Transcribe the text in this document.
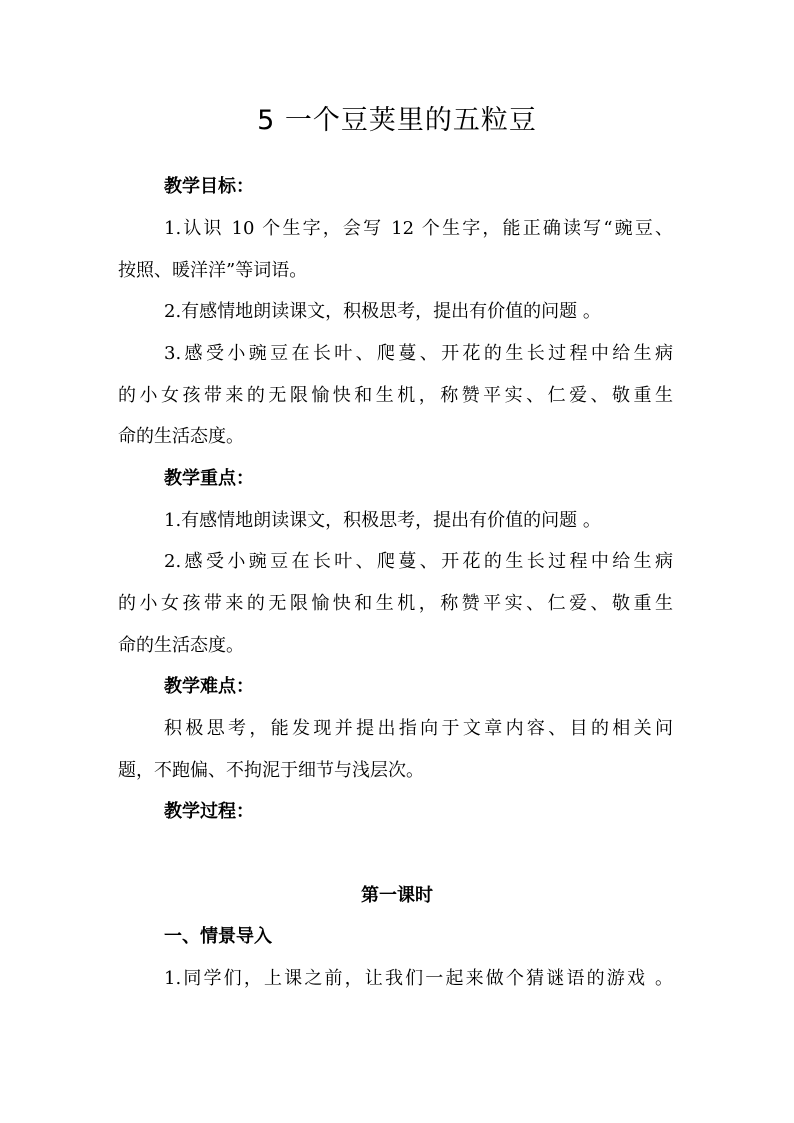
5 一个豆荚里的五粒豆
教学目标：
1.认识 10 个生字，会写 12 个生字，能正确读写“豌豆、
按照、暖洋洋”等词语。
2.有感情地朗读课文，积极思考，提出有价值的问题 。
3.感受小豌豆在长叶、爬蔓、开花的生长过程中给生病
的小女孩带来的无限愉快和生机，称赞平实、仁爱、敬重生
命的生活态度。
教学重点：
1.有感情地朗读课文，积极思考，提出有价值的问题 。
2.感受小豌豆在长叶、爬蔓、开花的生长过程中给生病
的小女孩带来的无限愉快和生机，称赞平实、仁爱、敬重生
命的生活态度。
教学难点：
积极思考，能发现并提出指向于文章内容、目的相关问
题，不跑偏、不拘泥于细节与浅层次。
教学过程：
第一课时
一、情景导入
1.同学们，上课之前，让我们一起来做个猜谜语的游戏 。
